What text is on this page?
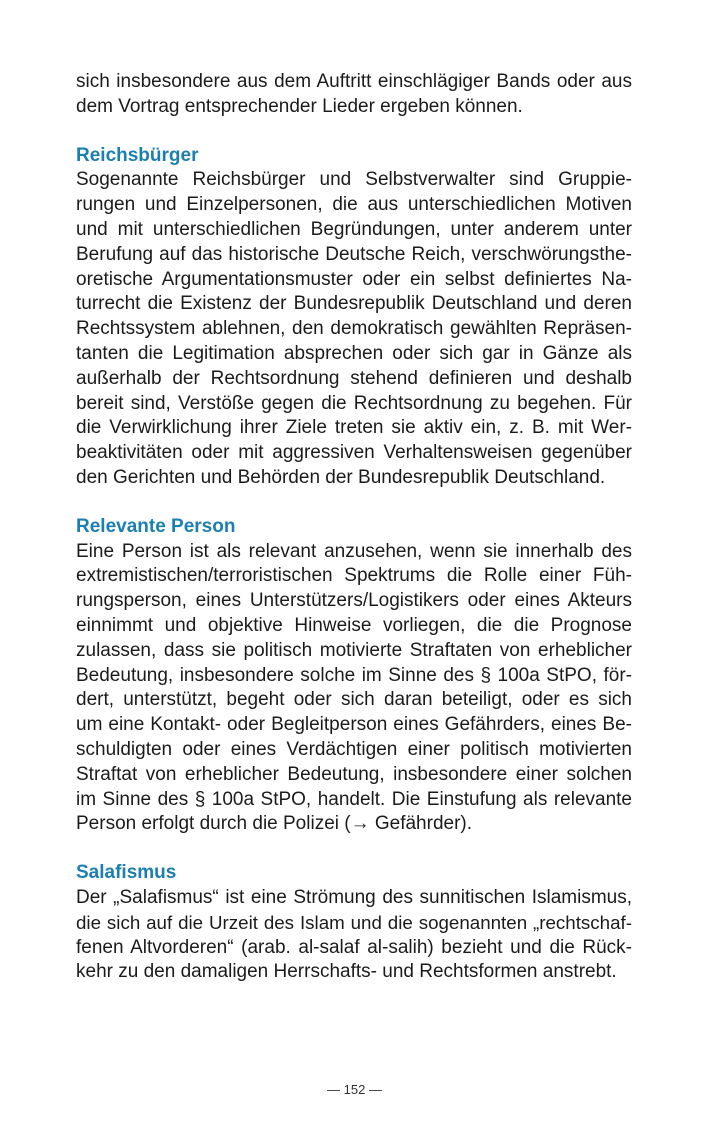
sich insbesondere aus dem Auftritt einschlägiger Bands oder aus
dem Vortrag entsprechender Lieder ergeben können.

Reichsbürger

Sogenannte Reichsbürger und Selbstverwalter sind Gruppie-
rungen und Einzelpersonen, die aus unterschiedlichen Motiven
und mit unterschiedlichen Begründungen, unter anderem unter
Berufung auf das historische Deutsche Reich, verschwörungsthe-
oretische Argumentationsmuster oder ein selbst definiertes Na-
turrecht die Existenz der Bundesrepublik Deutschland und deren
Rechtssystem ablehnen, den demokratisch gewählten Repräsen-
tanten die Legitimation absprechen oder sich gar in Gänze als
außerhalb der Rechtsordnung stehend definieren und deshalb
bereit sind, Verstöße gegen die Rechtsordnung zu begehen. Für
die Verwirklichung ihrer Ziele treten sie aktiv ein, z. B. mit Wer-
beaktivitäten oder mit aggressiven Verhaltensweisen gegenüber
den Gerichten und Behörden der Bundesrepublik Deutschland.

Relevante Person

Eine Person ist als relevant anzusehen, wenn sie innerhalb des
extremistischen/terroristischen Spektrums die Rolle einer Füh-
rungsperson, eines Unterstützers/Logistikers oder eines Akteurs
einnimmt und objektive Hinweise vorliegen, die die Prognose
zulassen, dass sie politisch motivierte Straftaten von erheblicher
Bedeutung, insbesondere solche im Sinne des § 100a StPO, för-
dert, unterstützt, begeht oder sich daran beteiligt, oder es sich
um eine Kontakt- oder Begleitperson eines Gefährders, eines Be-
schuldigten oder eines Verdächtigen einer politisch motivierten
Straftat von erheblicher Bedeutung, insbesondere einer solchen
im Sinne des § 100a StPO, handelt. Die Einstufung als relevante
Person erfolgt durch die Polizei (→ Gefährder).

Salafismus

Der „Salafismus“ ist eine Strömung des sunnitischen Islamismus,
die sich auf die Urzeit des Islam und die sogenannten „rechtschaf-
fenen Altvorderen“ (arab. al-salaf al-salih) bezieht und die Rück-
kehr zu den damaligen Herrschafts- und Rechtsformen anstrebt.

— 152 —
